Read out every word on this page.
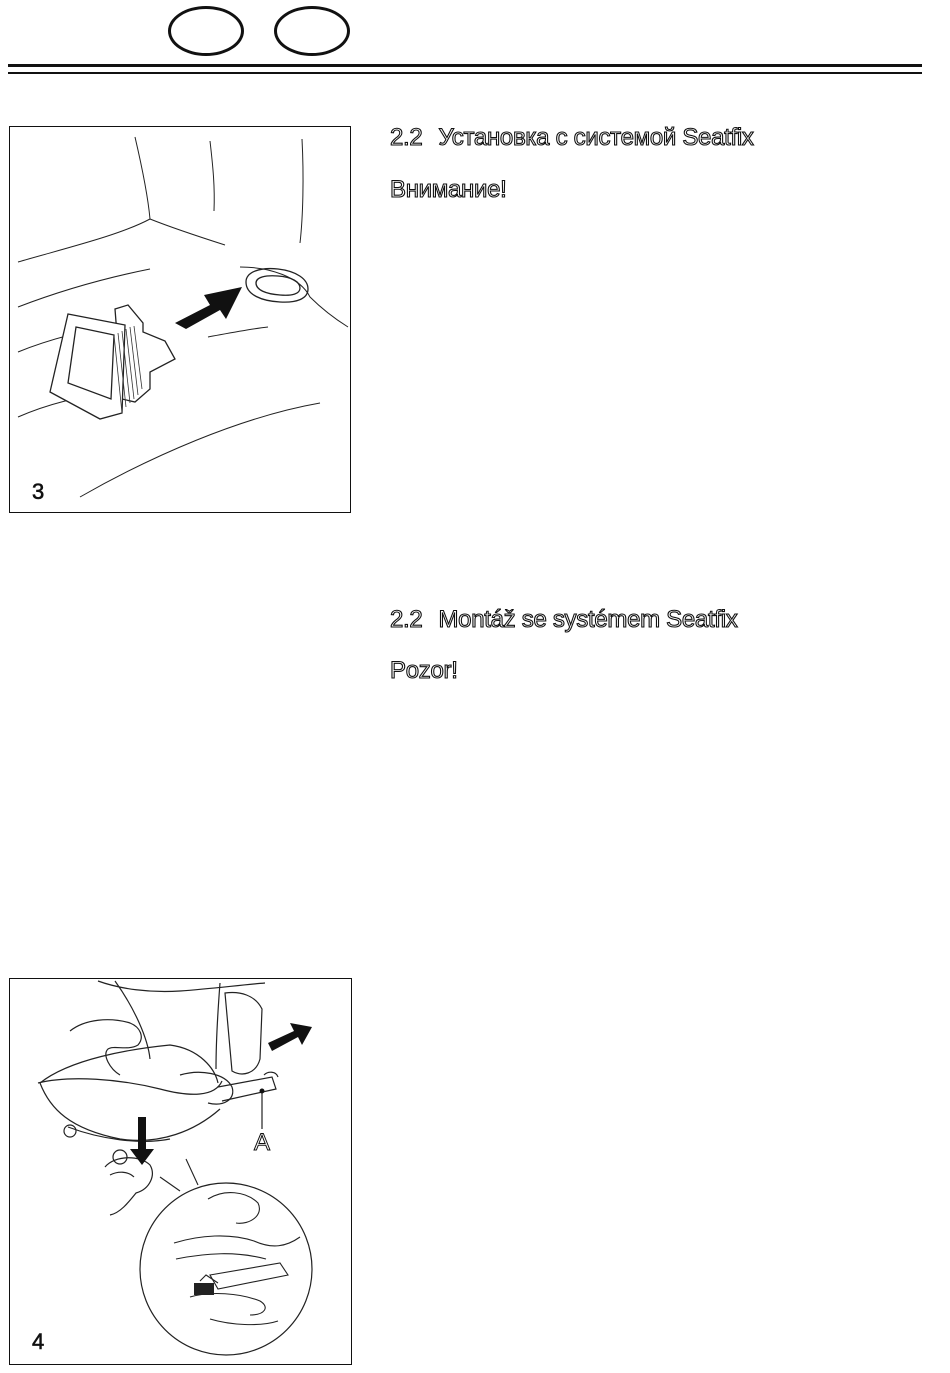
3
2.2 Установка с системой Seatfix
Внимание!
2.2 Montáž se systémem Seatfix
Pozor!
A
4
